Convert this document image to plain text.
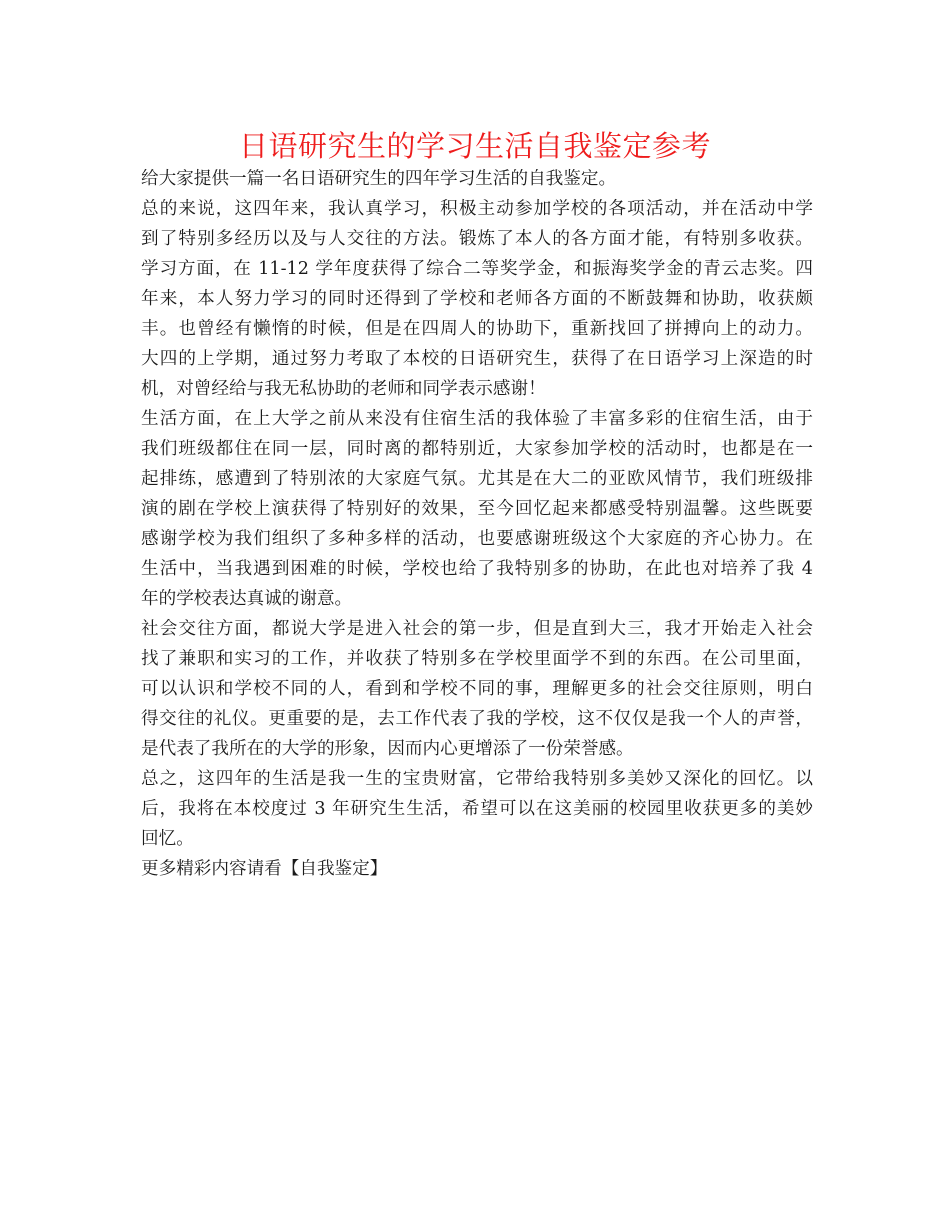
日语研究生的学习生活自我鉴定参考
给大家提供一篇一名日语研究生的四年学习生活的自我鉴定。
总的来说，这四年来，我认真学习，积极主动参加学校的各项活动，并在活动中学
到了特别多经历以及与人交往的方法。锻炼了本人的各方面才能，有特别多收获。
学习方面，在 11-12 学年度获得了综合二等奖学金，和振海奖学金的青云志奖。四
年来，本人努力学习的同时还得到了学校和老师各方面的不断鼓舞和协助，收获颇
丰。也曾经有懒惰的时候，但是在四周人的协助下，重新找回了拼搏向上的动力。
大四的上学期，通过努力考取了本校的日语研究生，获得了在日语学习上深造的时
机，对曾经给与我无私协助的老师和同学表示感谢！
生活方面，在上大学之前从来没有住宿生活的我体验了丰富多彩的住宿生活，由于
我们班级都住在同一层，同时离的都特别近，大家参加学校的活动时，也都是在一
起排练，感遭到了特别浓的大家庭气氛。尤其是在大二的亚欧风情节，我们班级排
演的剧在学校上演获得了特别好的效果，至今回忆起来都感受特别温馨。这些既要
感谢学校为我们组织了多种多样的活动，也要感谢班级这个大家庭的齐心协力。在
生活中，当我遇到困难的时候，学校也给了我特别多的协助，在此也对培养了我 4
年的学校表达真诚的谢意。
社会交往方面，都说大学是进入社会的第一步，但是直到大三，我才开始走入社会
找了兼职和实习的工作，并收获了特别多在学校里面学不到的东西。在公司里面，
可以认识和学校不同的人，看到和学校不同的事，理解更多的社会交往原则，明白
得交往的礼仪。更重要的是，去工作代表了我的学校，这不仅仅是我一个人的声誉，
是代表了我所在的大学的形象，因而内心更增添了一份荣誉感。
总之，这四年的生活是我一生的宝贵财富，它带给我特别多美妙又深化的回忆。以
后，我将在本校度过 3 年研究生生活，希望可以在这美丽的校园里收获更多的美妙
回忆。
更多精彩内容请看【自我鉴定】
